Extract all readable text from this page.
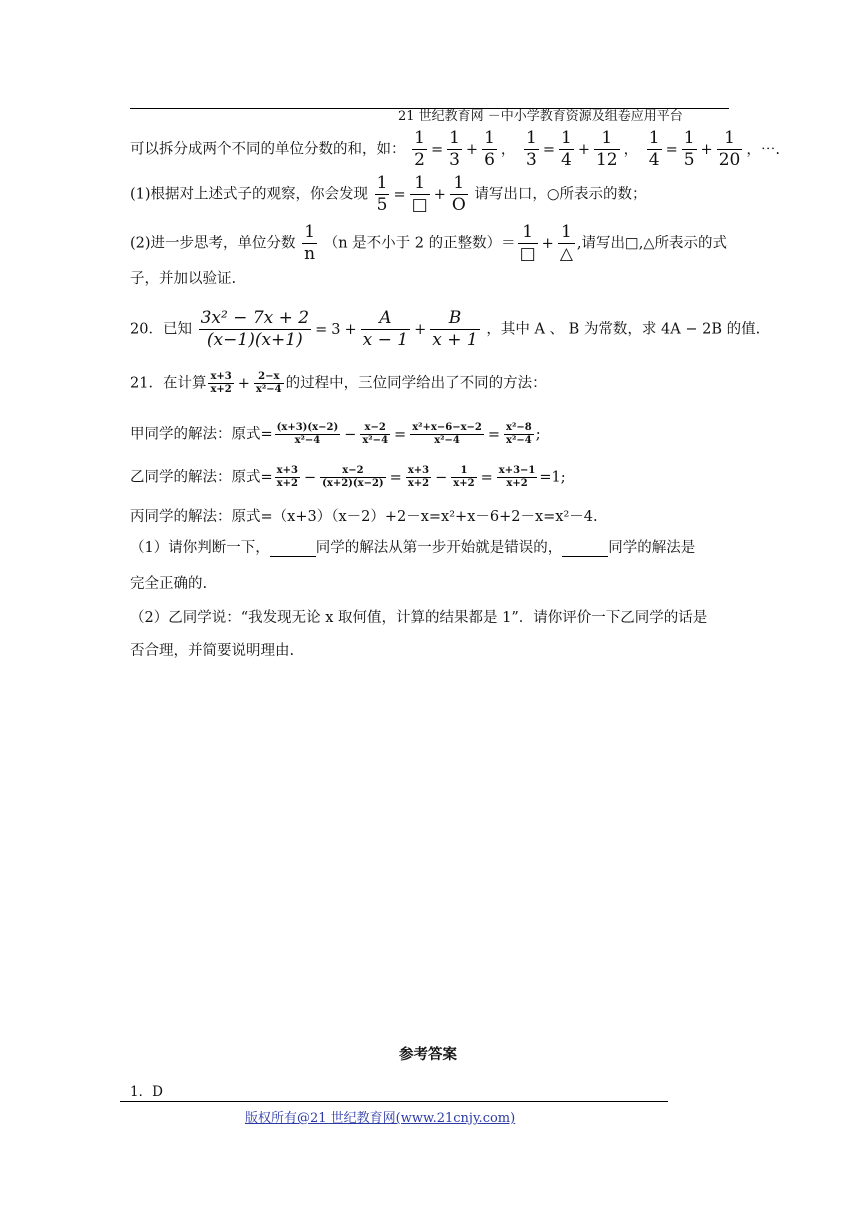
21 世纪教育网 －中小学教育资源及组卷应用平台
可以拆分成两个不同的单位分数的和，如： $\frac{1}{2} = \frac{1}{3} + \frac{1}{6}$ ， $\frac{1}{3} = \frac{1}{4} + \frac{1}{12}$ ， $\frac{1}{4} = \frac{1}{5} + \frac{1}{20}$ ，⋯.
(1)根据对上述式子的观察，你会发现 $\frac{1}{5} = \frac{1}{□} + \frac{1}{O}$ 请写出口，○所表示的数；
(2)进一步思考，单位分数 $\frac{1}{n} (n$ 是不小于 2 的正整数）＝ $\frac{1}{□} + \frac{1}{\triangle}$ ,请写出□,△所表示的式
子，并加以验证.
20．已知 $\frac{\text{3x² − 7x + 2}}{(x-1)(x+1)} = 3 + \frac{A}{x - 1} + \frac{B}{x + 1}$ ，其中 A 、 B 为常数，求 4A − 2B 的值.
21．在计算 $\frac{x+3}{x+2} + \frac{2-x}{\text{x²−4}}$ 的过程中，三位同学给出了不同的方法：
甲同学的解法：原式= $\frac{(x+3)(x-2)}{\text{x²−4}} - \frac{x-2}{\text{x²−4}} = \frac{\text{x²+x−6−x−2}}{\text{x²−4}} = \frac{\text{x²−8}}{\text{x²−4}}$ ;
乙同学的解法：原式= $\frac{x+3}{x+2} - \frac{x-2}{(x+2)(x-2)} = \frac{x+3}{x+2} - \frac{1}{x+2} = \frac{x+3-1}{x+2} =1$;
丙同学的解法：原式=（x+3）（x－2）+2－x=x²+x－6+2－x=x²－4.
（1）请你判断一下，	同学的解法从第一步开始就是错误的，	同学的解法是
完全正确的.
（2）乙同学说：“我发现无论 x 取何值，计算的结果都是 1”．请你评价一下乙同学的话是
否合理，并简要说明理由.
参考答案
1．D
版权所有@21 世纪教育网(www.21cnjy.com)
